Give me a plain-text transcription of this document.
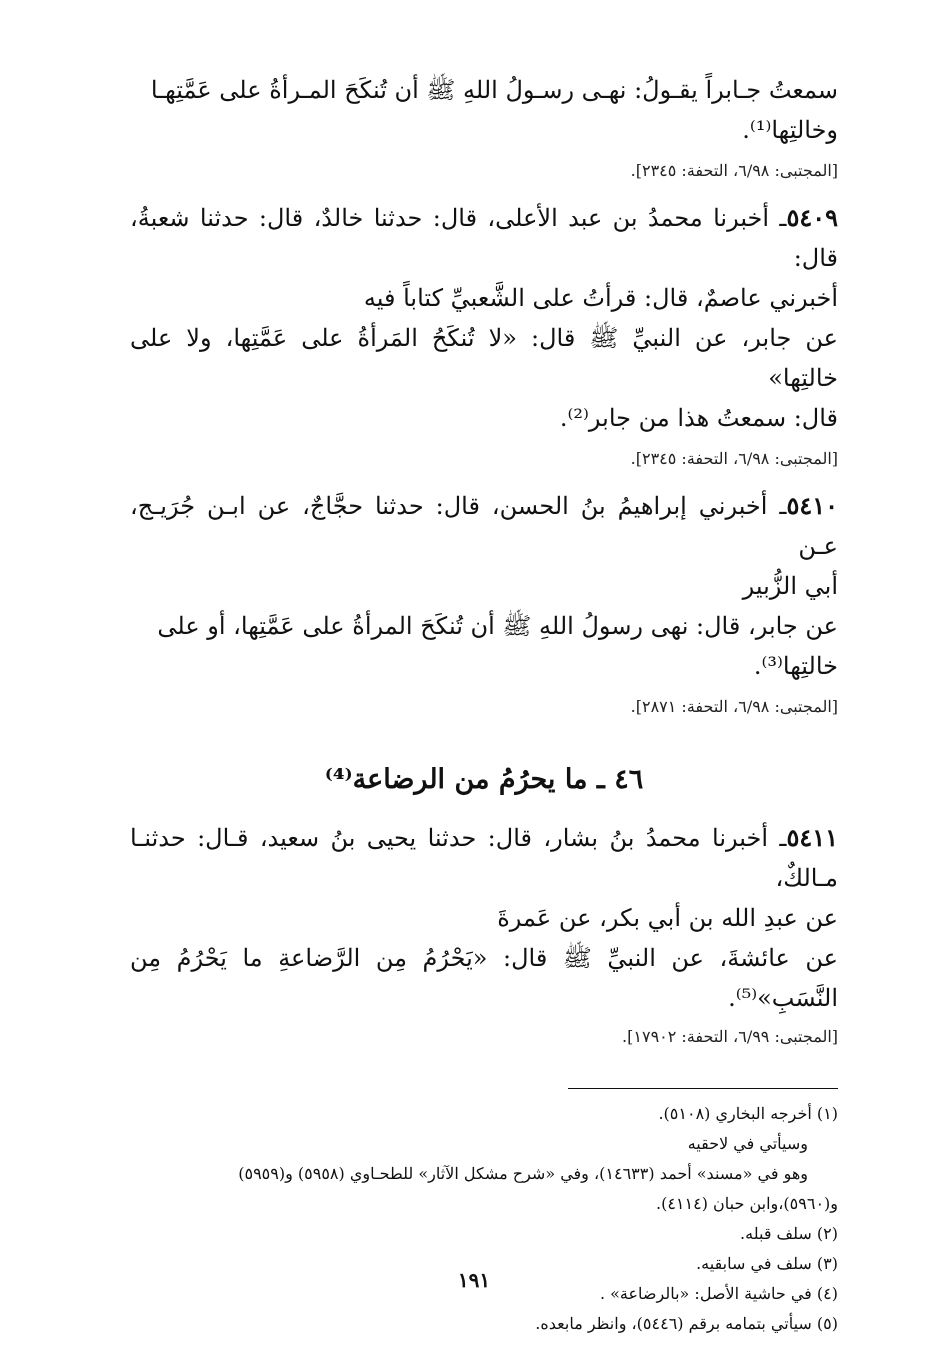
سمعتُ جـابراً يقـولُ: نهـى رسـولُ اللهِ ﷺ أن تُنكَحَ المـرأةُ على عَمَّتِهـا

وخالتِها⁽¹⁾.

[المجتبى: ٦/٩٨، التحفة: ٢٣٤٥].

٥٤٠٩ـ أخبرنا محمدُ بن عبد الأعلى، قال: حدثنا خالدٌ، قال: حدثنا شعبةُ، قال:

أخبرني عاصمٌ، قال: قرأتُ على الشَّعبيِّ كتاباً فيه

عن جابر، عن النبيِّ ﷺ قال: «لا تُنكَحُ المَرأةُ على عَمَّتِها، ولا على خالتِها»

قال: سمعتُ هذا من جابر⁽²⁾.

[المجتبى: ٦/٩٨، التحفة: ٢٣٤٥].

٥٤١٠ـ أخبرني إبراهيمُ بنُ الحسن، قال: حدثنا حجَّاجٌ، عن ابـن جُرَيـج، عـن

أبي الزُّبير

عن جابر، قال: نهى رسولُ اللهِ ﷺ أن تُنكَحَ المرأةُ على عَمَّتِها، أو على

خالتِها⁽³⁾.

[المجتبى: ٦/٩٨، التحفة: ٢٨٧١].
٤٦ ـ ما يحرُمُ من الرضاعة⁽⁴⁾

٥٤١١ـ أخبرنا محمدُ بنُ بشار، قال: حدثنا يحيى بنُ سعيد، قـال: حدثنـا مـالكٌ،

عن عبدِ الله بن أبي بكر، عن عَمرةَ

عن عائشةَ، عن النبيِّ ﷺ قال: «يَحْرُمُ مِن الرَّضاعةِ ما يَحْرُمُ مِن النَّسَبِ»⁽⁵⁾.

[المجتبى: ٦/٩٩، التحفة: ١٧٩٠٢].

(١) أخرجه البخاري (٥١٠٨).

وسيأتي في لاحقيه

وهو في «مسند» أحمد (١٤٦٣٣)، وفي «شرح مشكل الآثار» للطحـاوي (٥٩٥٨) و(٥٩٥٩)

و(٥٩٦٠)،وابن حبان (٤١١٤).

(٢) سلف قبله.

(٣) سلف في سابقيه.

(٤) في حاشية الأصل: «بالرضاعة» .

(٥) سيأتي بتمامه برقم (٥٤٤٦)، وانظر مابعده.

١٩١
